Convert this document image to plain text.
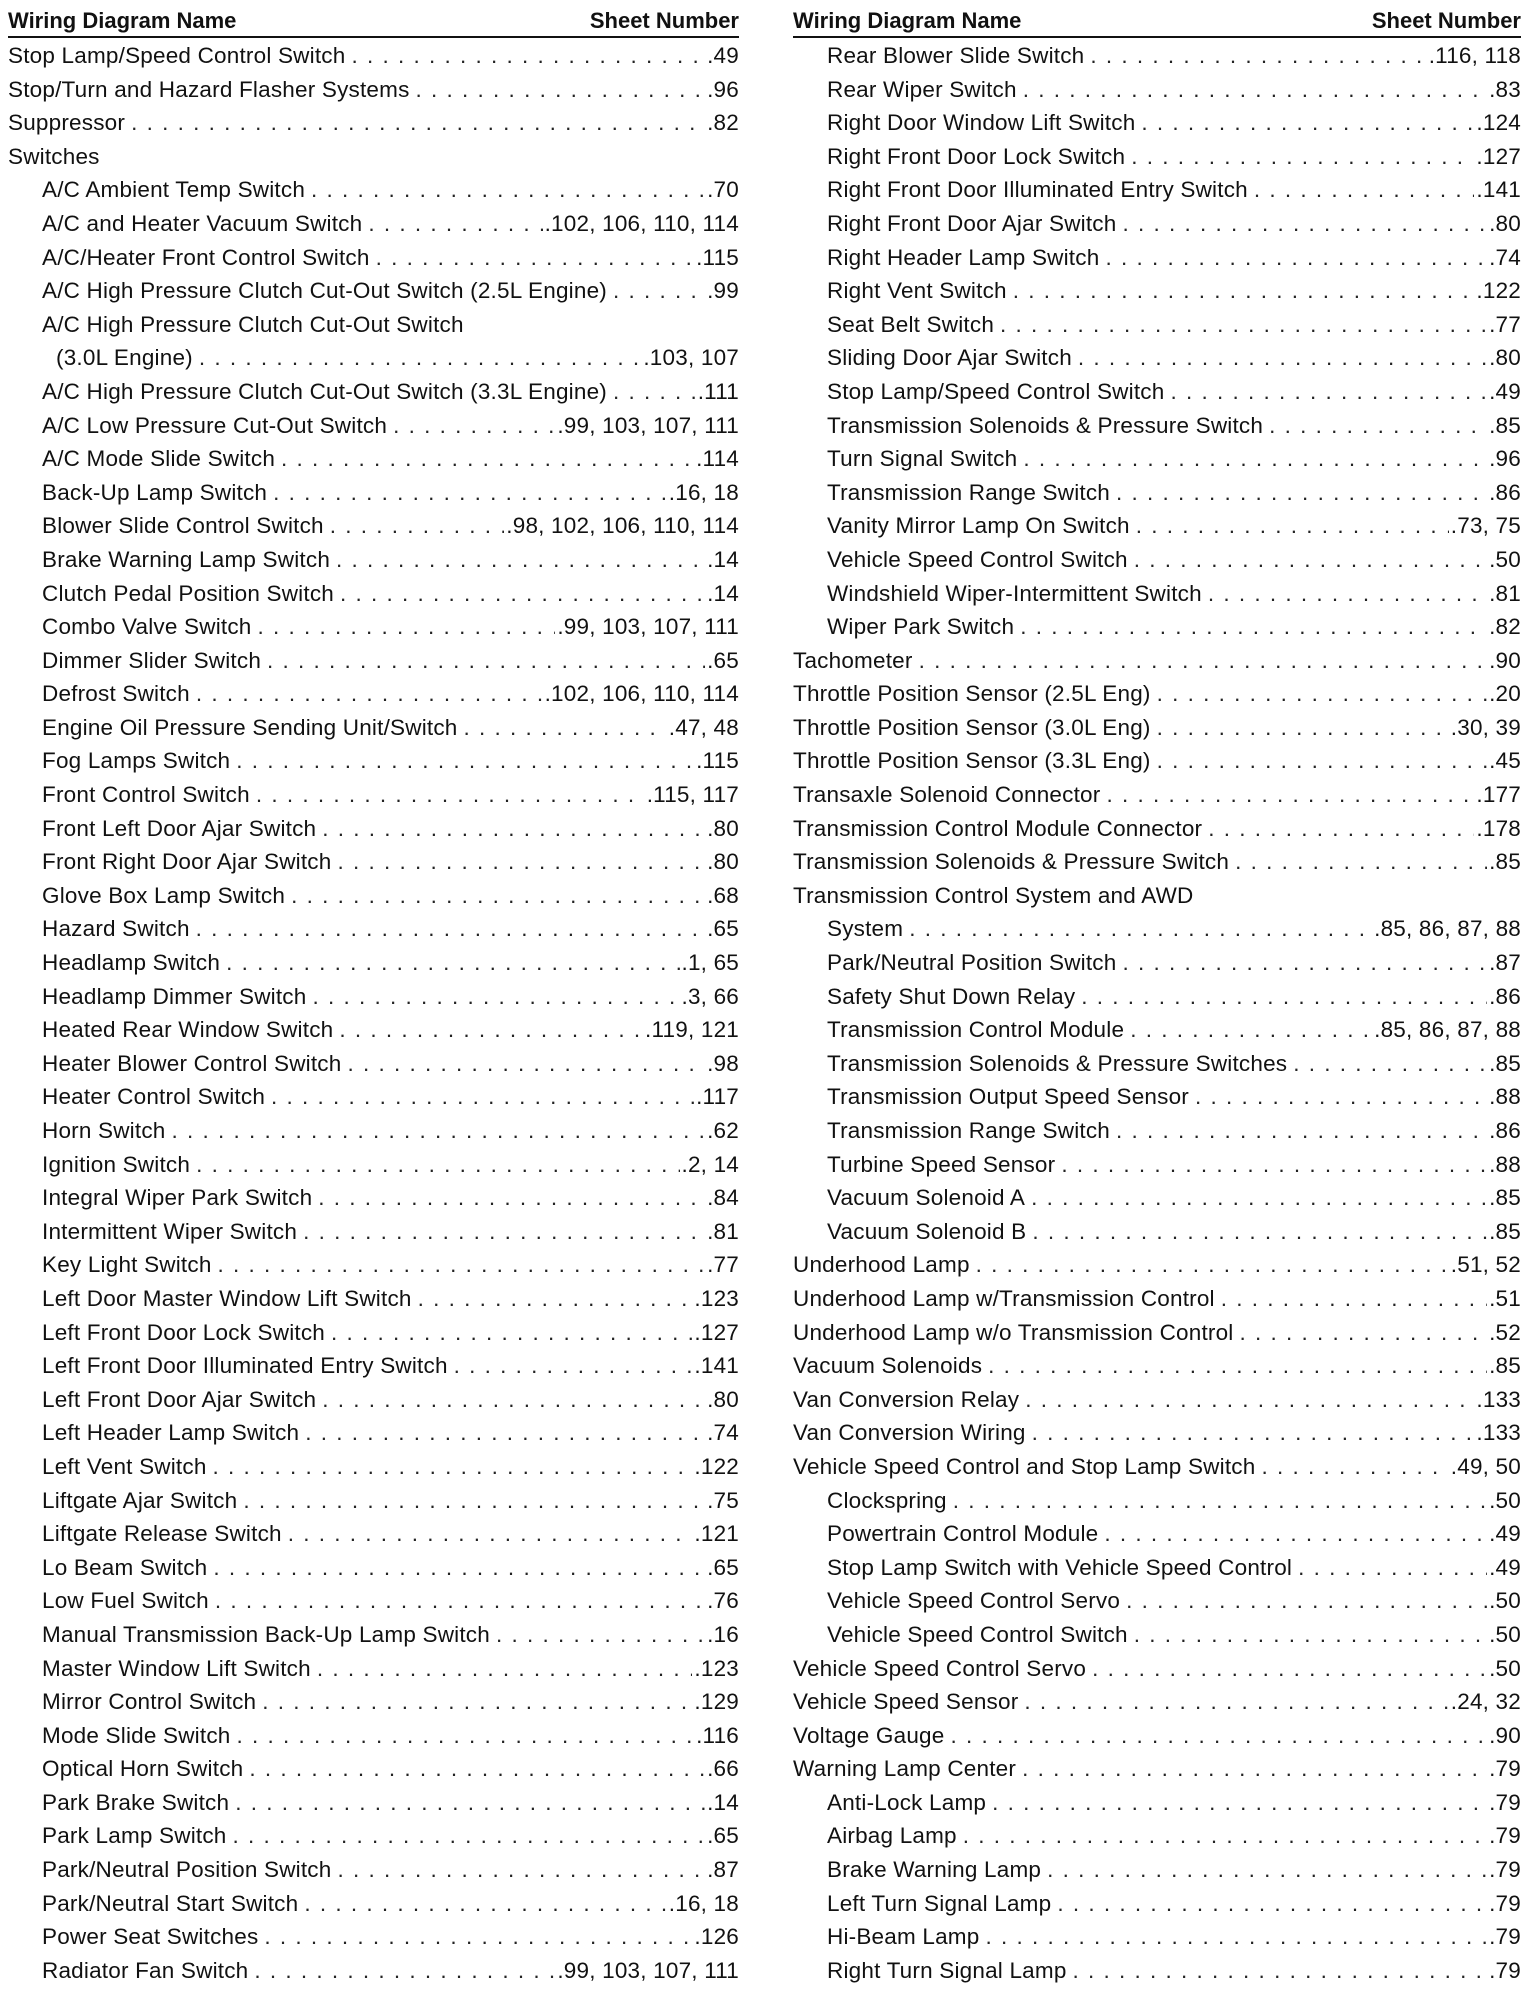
Wiring Diagram Name	Sheet Number
Stop Lamp/Speed Control Switch . . .	.49
Stop/Turn and Hazard Flasher Systems . . .	.96
Suppressor . . .	.82
Switches
A/C Ambient Temp Switch . . .	.70
A/C and Heater Vacuum Switch . . .	.102, 106, 110, 114
A/C/Heater Front Control Switch . . .	.115
A/C High Pressure Clutch Cut-Out Switch (2.5L Engine) . . .	.99
A/C High Pressure Clutch Cut-Out Switch
(3.0L Engine) . . .	.103, 107
A/C High Pressure Clutch Cut-Out Switch (3.3L Engine) . . .	.111
A/C Low Pressure Cut-Out Switch . . .	.99, 103, 107, 111
A/C Mode Slide Switch . . .	.114
Back-Up Lamp Switch . . .	.16, 18
Blower Slide Control Switch . . .	.98, 102, 106, 110, 114
Brake Warning Lamp Switch . . .	.14
Clutch Pedal Position Switch . . .	.14
Combo Valve Switch . . .	.99, 103, 107, 111
Dimmer Slider Switch . . .	.65
Defrost Switch . . .	.102, 106, 110, 114
Engine Oil Pressure Sending Unit/Switch . . .	.47, 48
Fog Lamps Switch . . .	.115
Front Control Switch . . .	.115, 117
Front Left Door Ajar Switch . . .	.80
Front Right Door Ajar Switch . . .	.80
Glove Box Lamp Switch . . .	.68
Hazard Switch . . .	.65
Headlamp Switch . . .	.1, 65
Headlamp Dimmer Switch . . .	.3, 66
Heated Rear Window Switch . . .	.119, 121
Heater Blower Control Switch . . .	.98
Heater Control Switch . . .	.117
Horn Switch . . .	.62
Ignition Switch . . .	.2, 14
Integral Wiper Park Switch . . .	.84
Intermittent Wiper Switch . . .	.81
Key Light Switch . . .	.77
Left Door Master Window Lift Switch . . .	.123
Left Front Door Lock Switch . . .	.127
Left Front Door Illuminated Entry Switch . . .	.141
Left Front Door Ajar Switch . . .	.80
Left Header Lamp Switch . . .	.74
Left Vent Switch . . .	.122
Liftgate Ajar Switch . . .	.75
Liftgate Release Switch . . .	.121
Lo Beam Switch . . .	.65
Low Fuel Switch . . .	.76
Manual Transmission Back-Up Lamp Switch . . .	.16
Master Window Lift Switch . . .	.123
Mirror Control Switch . . .	.129
Mode Slide Switch . . .	.116
Optical Horn Switch . . .	.66
Park Brake Switch . . .	.14
Park Lamp Switch . . .	.65
Park/Neutral Position Switch . . .	.87
Park/Neutral Start Switch . . .	.16, 18
Power Seat Switches . . .	.126
Radiator Fan Switch . . .	.99, 103, 107, 111
Wiring Diagram Name	Sheet Number
Rear Blower Slide Switch . . .	.116, 118
Rear Wiper Switch . . .	.83
Right Door Window Lift Switch . . .	.124
Right Front Door Lock Switch . . .	.127
Right Front Door Illuminated Entry Switch . . .	.141
Right Front Door Ajar Switch . . .	.80
Right Header Lamp Switch . . .	.74
Right Vent Switch . . .	.122
Seat Belt Switch . . .	.77
Sliding Door Ajar Switch . . .	.80
Stop Lamp/Speed Control Switch . . .	.49
Transmission Solenoids & Pressure Switch . . .	.85
Turn Signal Switch . . .	.96
Transmission Range Switch . . .	.86
Vanity Mirror Lamp On Switch . . .	.73, 75
Vehicle Speed Control Switch . . .	.50
Windshield Wiper-Intermittent Switch . . .	.81
Wiper Park Switch . . .	.82
Tachometer . . .	.90
Throttle Position Sensor (2.5L Eng) . . .	.20
Throttle Position Sensor (3.0L Eng) . . .	.30, 39
Throttle Position Sensor (3.3L Eng) . . .	.45
Transaxle Solenoid Connector . . .	.177
Transmission Control Module Connector . . .	.178
Transmission Solenoids & Pressure Switch . . .	.85
Transmission Control System and AWD
System . . .	.85, 86, 87, 88
Park/Neutral Position Switch . . .	.87
Safety Shut Down Relay . . .	.86
Transmission Control Module . . .	.85, 86, 87, 88
Transmission Solenoids & Pressure Switches . . .	.85
Transmission Output Speed Sensor . . .	.88
Transmission Range Switch . . .	.86
Turbine Speed Sensor . . .	.88
Vacuum Solenoid A . . .	.85
Vacuum Solenoid B . . .	.85
Underhood Lamp . . .	.51, 52
Underhood Lamp w/Transmission Control . . .	.51
Underhood Lamp w/o Transmission Control . . .	.52
Vacuum Solenoids . . .	.85
Van Conversion Relay . . .	.133
Van Conversion Wiring . . .	.133
Vehicle Speed Control and Stop Lamp Switch . . .	.49, 50
Clockspring . . .	.50
Powertrain Control Module . . .	.49
Stop Lamp Switch with Vehicle Speed Control . . .	.49
Vehicle Speed Control Servo . . .	.50
Vehicle Speed Control Switch . . .	.50
Vehicle Speed Control Servo . . .	.50
Vehicle Speed Sensor . . .	.24, 32
Voltage Gauge . . .	.90
Warning Lamp Center . . .	.79
Anti-Lock Lamp . . .	.79
Airbag Lamp . . .	.79
Brake Warning Lamp . . .	.79
Left Turn Signal Lamp . . .	.79
Hi-Beam Lamp . . .	.79
Right Turn Signal Lamp . . .	.79
